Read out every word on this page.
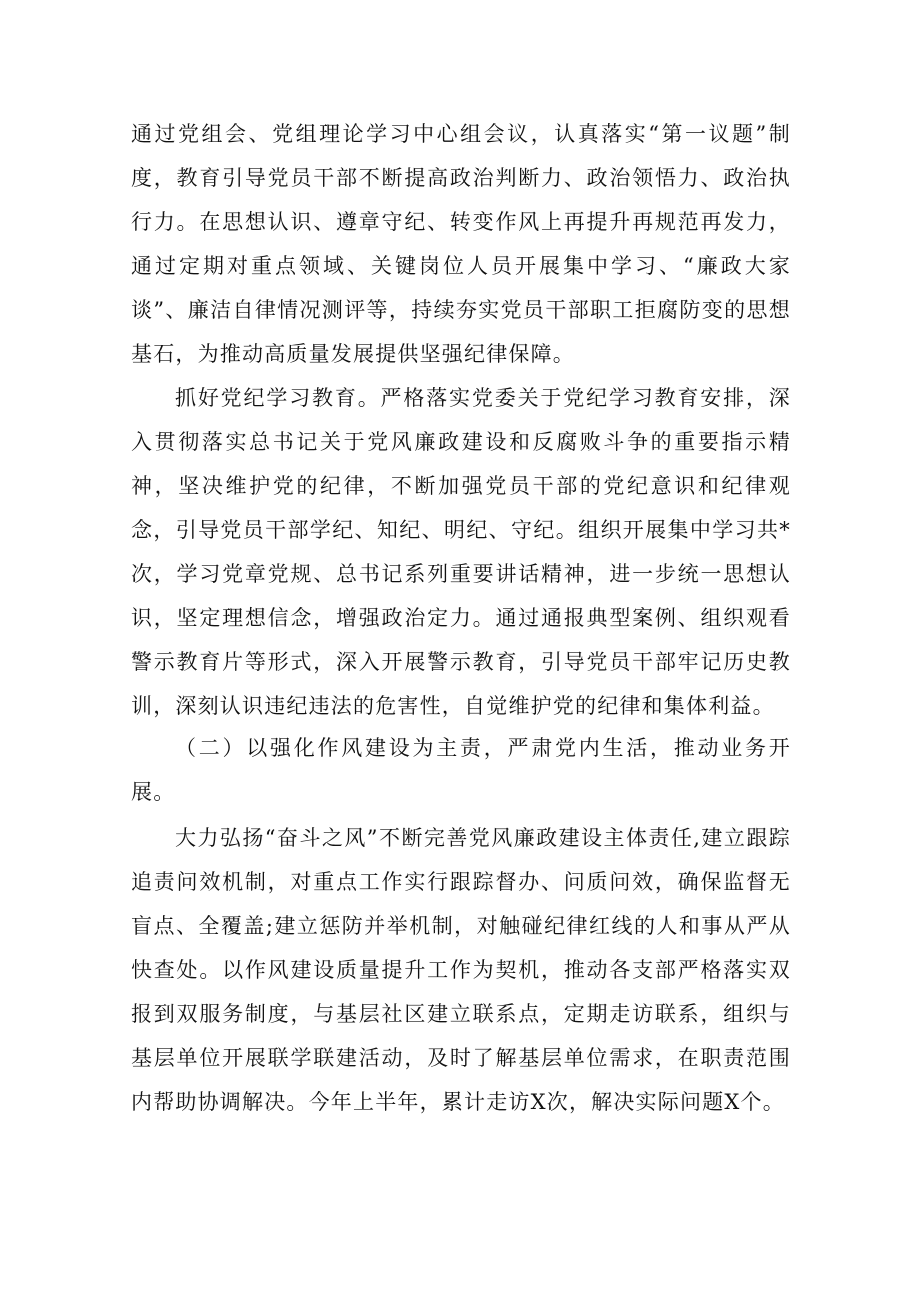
通过党组会、党组理论学习中心组会议，认真落实“第一议题”制度，教育引导党员干部不断提高政治判断力、政治领悟力、政治执行力。在思想认识、遵章守纪、转变作风上再提升再规范再发力，通过定期对重点领域、关键岗位人员开展集中学习、“廉政大家谈”、廉洁自律情况测评等，持续夯实党员干部职工拒腐防变的思想基石，为推动高质量发展提供坚强纪律保障。

抓好党纪学习教育。严格落实党委关于党纪学习教育安排，深入贯彻落实总书记关于党风廉政建设和反腐败斗争的重要指示精神，坚决维护党的纪律，不断加强党员干部的党纪意识和纪律观念，引导党员干部学纪、知纪、明纪、守纪。组织开展集中学习共*次，学习党章党规、总书记系列重要讲话精神，进一步统一思想认识，坚定理想信念，增强政治定力。通过通报典型案例、组织观看警示教育片等形式，深入开展警示教育，引导党员干部牢记历史教训，深刻认识违纪违法的危害性，自觉维护党的纪律和集体利益。

（二）以强化作风建设为主责，严肃党内生活，推动业务开展。

大力弘扬“奋斗之风”不断完善党风廉政建设主体责任,建立跟踪追责问效机制，对重点工作实行跟踪督办、问质问效，确保监督无盲点、全覆盖;建立惩防并举机制，对触碰纪律红线的人和事从严从快查处。以作风建设质量提升工作为契机，推动各支部严格落实双报到双服务制度，与基层社区建立联系点，定期走访联系，组织与基层单位开展联学联建活动，及时了解基层单位需求，在职责范围内帮助协调解决。今年上半年，累计走访X次，解决实际问题X个。
